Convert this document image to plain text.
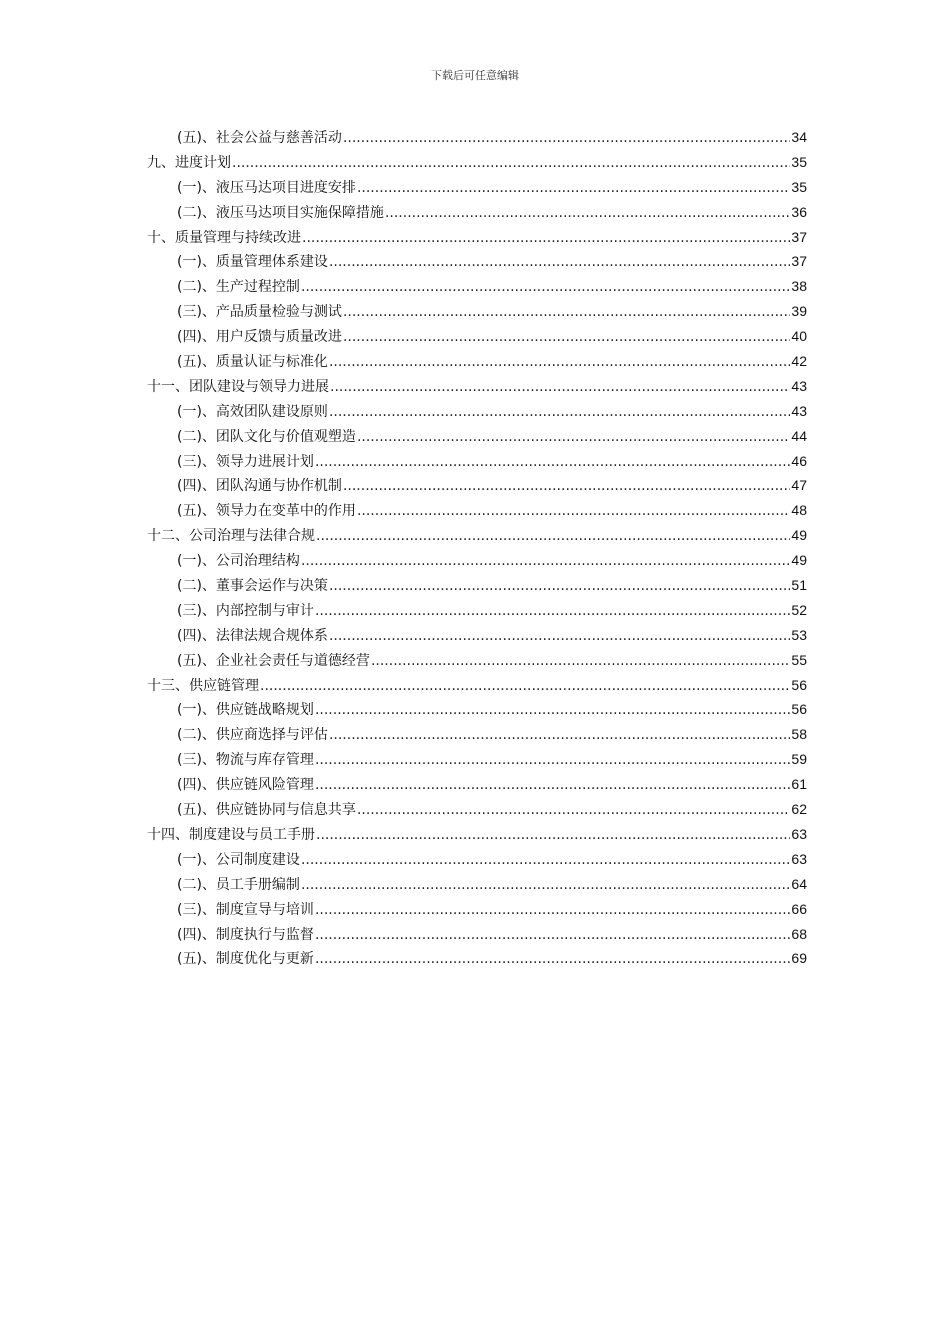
下载后可任意编辑
(五)、社会公益与慈善活动 .....	34
九、进度计划 .....	35
(一)、液压马达项目进度安排 .....	35
(二)、液压马达项目实施保障措施 .....	36
十、质量管理与持续改进 .....	37
(一)、质量管理体系建设 .....	37
(二)、生产过程控制 .....	38
(三)、产品质量检验与测试 .....	39
(四)、用户反馈与质量改进 .....	40
(五)、质量认证与标准化 .....	42
十一、团队建设与领导力进展 .....	43
(一)、高效团队建设原则 .....	43
(二)、团队文化与价值观塑造 .....	44
(三)、领导力进展计划 .....	46
(四)、团队沟通与协作机制 .....	47
(五)、领导力在变革中的作用 .....	48
十二、公司治理与法律合规 .....	49
(一)、公司治理结构 .....	49
(二)、董事会运作与决策 .....	51
(三)、内部控制与审计 .....	52
(四)、法律法规合规体系 .....	53
(五)、企业社会责任与道德经营 .....	55
十三、供应链管理 .....	56
(一)、供应链战略规划 .....	56
(二)、供应商选择与评估 .....	58
(三)、物流与库存管理 .....	59
(四)、供应链风险管理 .....	61
(五)、供应链协同与信息共享 .....	62
十四、制度建设与员工手册 .....	63
(一)、公司制度建设 .....	63
(二)、员工手册编制 .....	64
(三)、制度宣导与培训 .....	66
(四)、制度执行与监督 .....	68
(五)、制度优化与更新 .....	69
